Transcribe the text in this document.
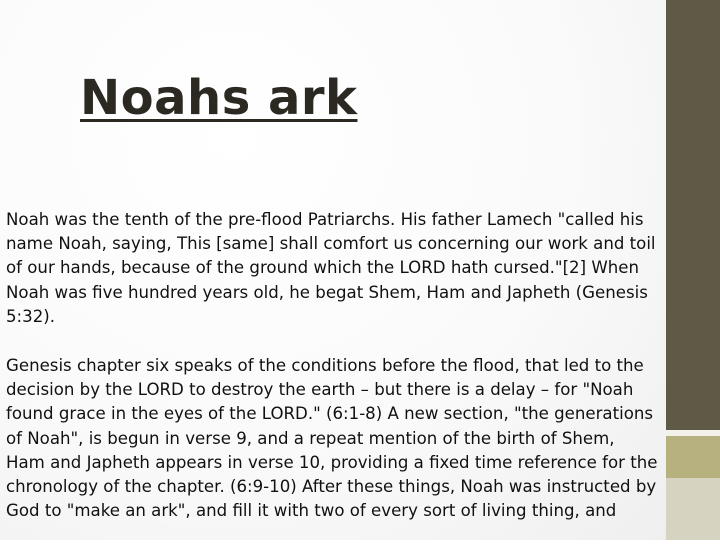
Noahs ark

Noah was the tenth of the pre-flood Patriarchs. His father Lamech "called his name Noah, saying, This [same] shall comfort us concerning our work and toil of our hands, because of the ground which the LORD hath cursed."[2] When Noah was five hundred years old, he begat Shem, Ham and Japheth (Genesis 5:32).

Genesis chapter six speaks of the conditions before the flood, that led to the decision by the LORD to destroy the earth – but there is a delay – for "Noah found grace in the eyes of the LORD." (6:1-8) A new section, "the generations of Noah", is begun in verse 9, and a repeat mention of the birth of Shem, Ham and Japheth appears in verse 10, providing a fixed time reference for the chronology of the chapter. (6:9-10) After these things, Noah was instructed by God to "make an ark", and fill it with two of every sort of living thing, and
